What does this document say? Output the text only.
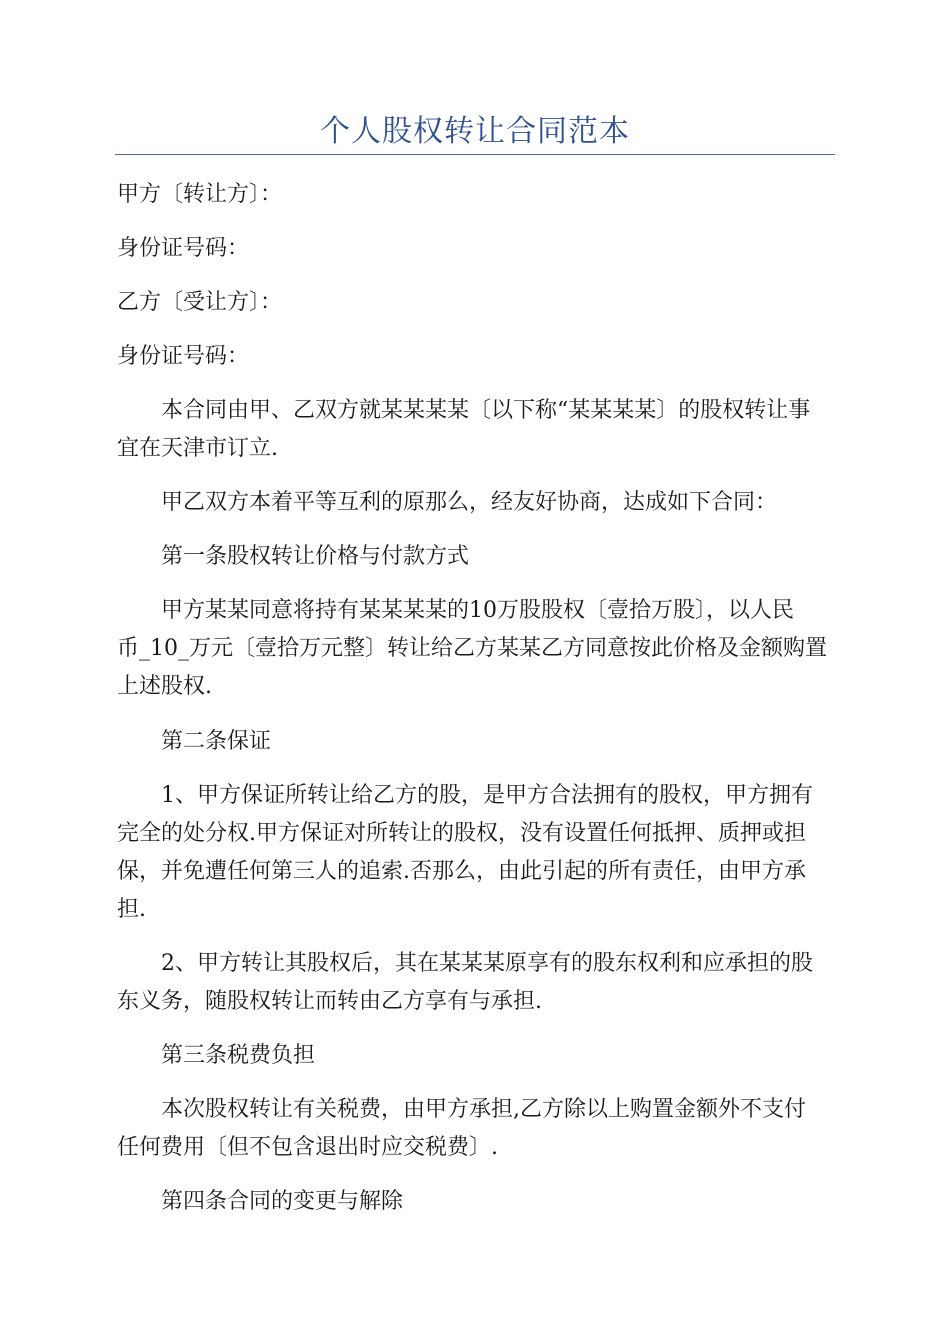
个人股权转让合同范本
甲方〔转让方〕：
身份证号码：
乙方〔受让方〕：
身份证号码：
本合同由甲、乙双方就某某某某〔以下称“某某某某〕的股权转让事
宜在天津市订立.
甲乙双方本着平等互利的原那么，经友好协商，达成如下合同：
第一条股权转让价格与付款方式
甲方某某同意将持有某某某某的10万股股权〔壹拾万股〕，以人民
币_10_万元〔壹拾万元整〕转让给乙方某某乙方同意按此价格及金额购置
上述股权.
第二条保证
1、甲方保证所转让给乙方的股，是甲方合法拥有的股权，甲方拥有
完全的处分权.甲方保证对所转让的股权，没有设置任何抵押、质押或担
保，并免遭任何第三人的追索.否那么，由此引起的所有责任，由甲方承
担.
2、甲方转让其股权后，其在某某某原享有的股东权利和应承担的股
东义务，随股权转让而转由乙方享有与承担.
第三条税费负担
本次股权转让有关税费，由甲方承担,乙方除以上购置金额外不支付
任何费用〔但不包含退出时应交税费〕.
第四条合同的变更与解除
